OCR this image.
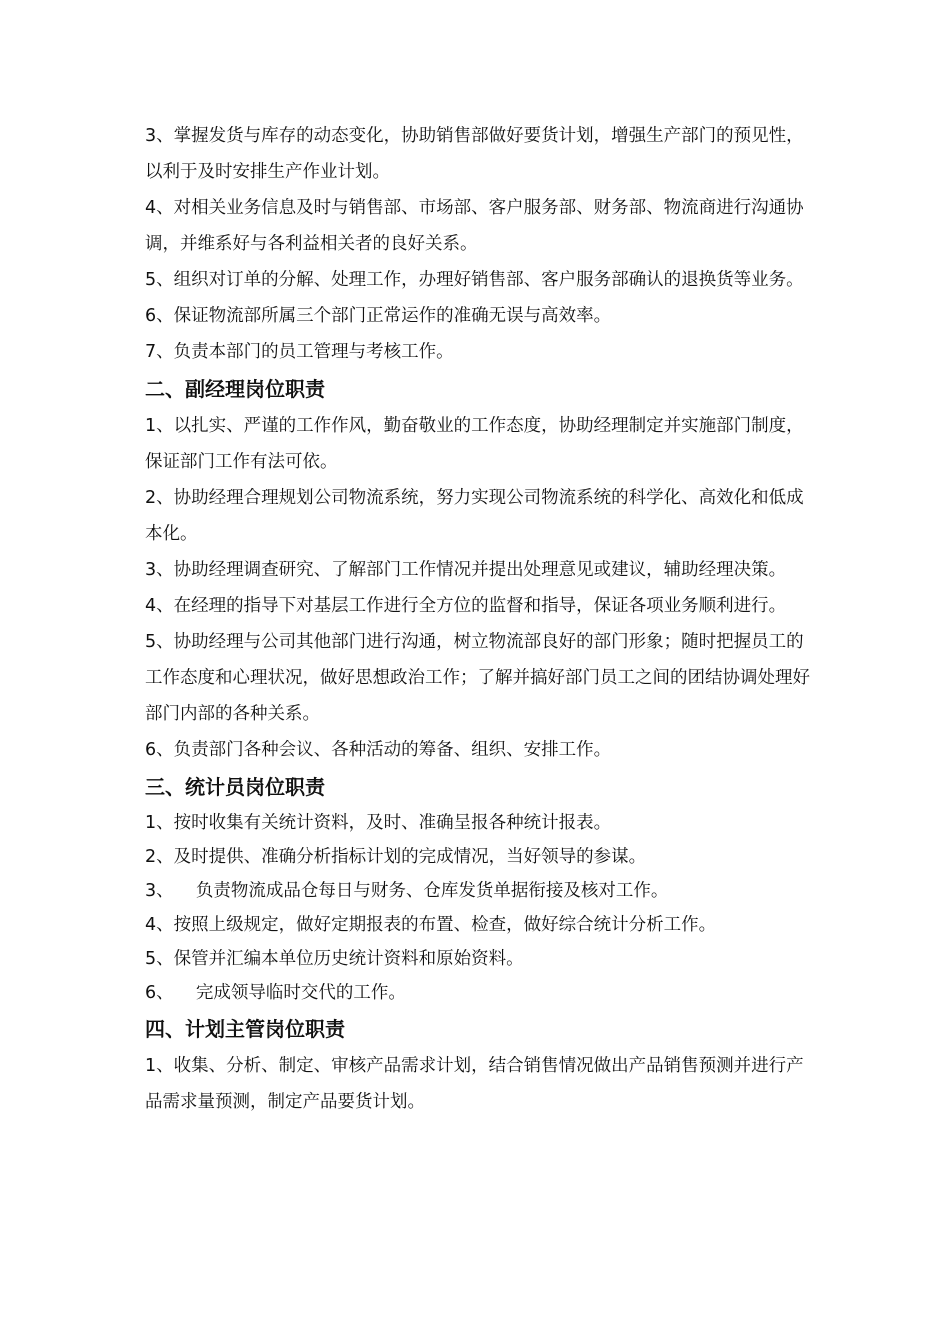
3、掌握发货与库存的动态变化，协助销售部做好要货计划，增强生产部门的预见性，以利于及时安排生产作业计划。

4、对相关业务信息及时与销售部、市场部、客户服务部、财务部、物流商进行沟通协调，并维系好与各利益相关者的良好关系。

5、组织对订单的分解、处理工作，办理好销售部、客户服务部确认的退换货等业务。

6、保证物流部所属三个部门正常运作的准确无误与高效率。

7、负责本部门的员工管理与考核工作。

二、副经理岗位职责

1、以扎实、严谨的工作作风，勤奋敬业的工作态度，协助经理制定并实施部门制度，保证部门工作有法可依。

2、协助经理合理规划公司物流系统，努力实现公司物流系统的科学化、高效化和低成本化。

3、协助经理调查研究、了解部门工作情况并提出处理意见或建议，辅助经理决策。

4、在经理的指导下对基层工作进行全方位的监督和指导，保证各项业务顺利进行。

5、协助经理与公司其他部门进行沟通，树立物流部良好的部门形象；随时把握员工的工作态度和心理状况，做好思想政治工作；了解并搞好部门员工之间的团结协调处理好部门内部的各种关系。

6、负责部门各种会议、各种活动的筹备、组织、安排工作。

三、统计员岗位职责

1、按时收集有关统计资料，及时、准确呈报各种统计报表。

2、及时提供、准确分析指标计划的完成情况，当好领导的参谋。

3、    负责物流成品仓每日与财务、仓库发货单据衔接及核对工作。

4、按照上级规定，做好定期报表的布置、检查，做好综合统计分析工作。

5、保管并汇编本单位历史统计资料和原始资料。

6、    完成领导临时交代的工作。

四、计划主管岗位职责

1、收集、分析、制定、审核产品需求计划，结合销售情况做出产品销售预测并进行产品需求量预测，制定产品要货计划。
